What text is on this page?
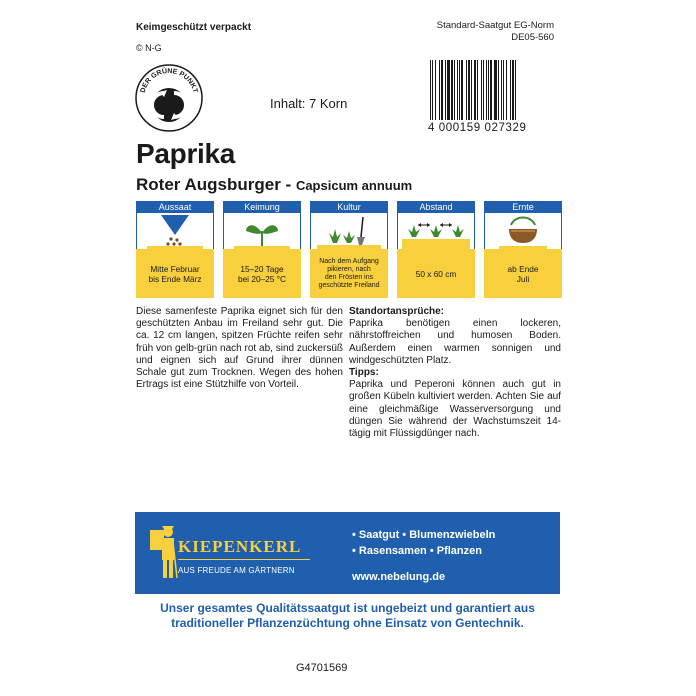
Keimgeschützt verpackt
© N-G
Standard-Saatgut EG-Norm
DE05-560
DER GRÜNE PUNKT
Inhalt: 7 Korn
4 000159 027329
Paprika
Roter Augsburger - Capsicum annuum
Aussaat
Mitte Februar
bis Ende März
Keimung
15–20 Tage
bei 20–25 °C
Kultur
Nach dem Aufgang
pikieren, nach
den Frösten ins
geschützte Freiland
Abstand
50 x 60 cm
Ernte
ab Ende
Juli
Diese samenfeste Paprika eignet sich für den geschützten Anbau im Freiland sehr gut. Die ca. 12 cm langen, spitzen Früchte reifen sehr früh von gelb-grün nach rot ab, sind zuckersüß und eignen sich auf Grund ihrer dünnen Schale gut zum Trocknen. Wegen des hohen Ertrags ist eine Stützhilfe von Vorteil.
Standortansprüche:
Paprika benötigen einen lockeren, nährstoffreichen und humosen Boden. Außerdem einen warmen sonnigen und windgeschützten Platz.
Tipps:
Paprika und Peperoni können auch gut in großen Kübeln kultiviert werden. Achten Sie auf eine gleichmäßige Wasserversorgung und düngen Sie während der Wachstumszeit 14-tägig mit Flüssigdünger nach.
KIEPENKERL
AUS FREUDE AM GÄRTNERN
• Saatgut • Blumenzwiebeln
• Rasensamen • Pflanzen
www.nebelung.de
Unser gesamtes Qualitätssaatgut ist ungebeizt und garantiert aus
traditioneller Pflanzenzüchtung ohne Einsatz von Gentechnik.
G4701569
